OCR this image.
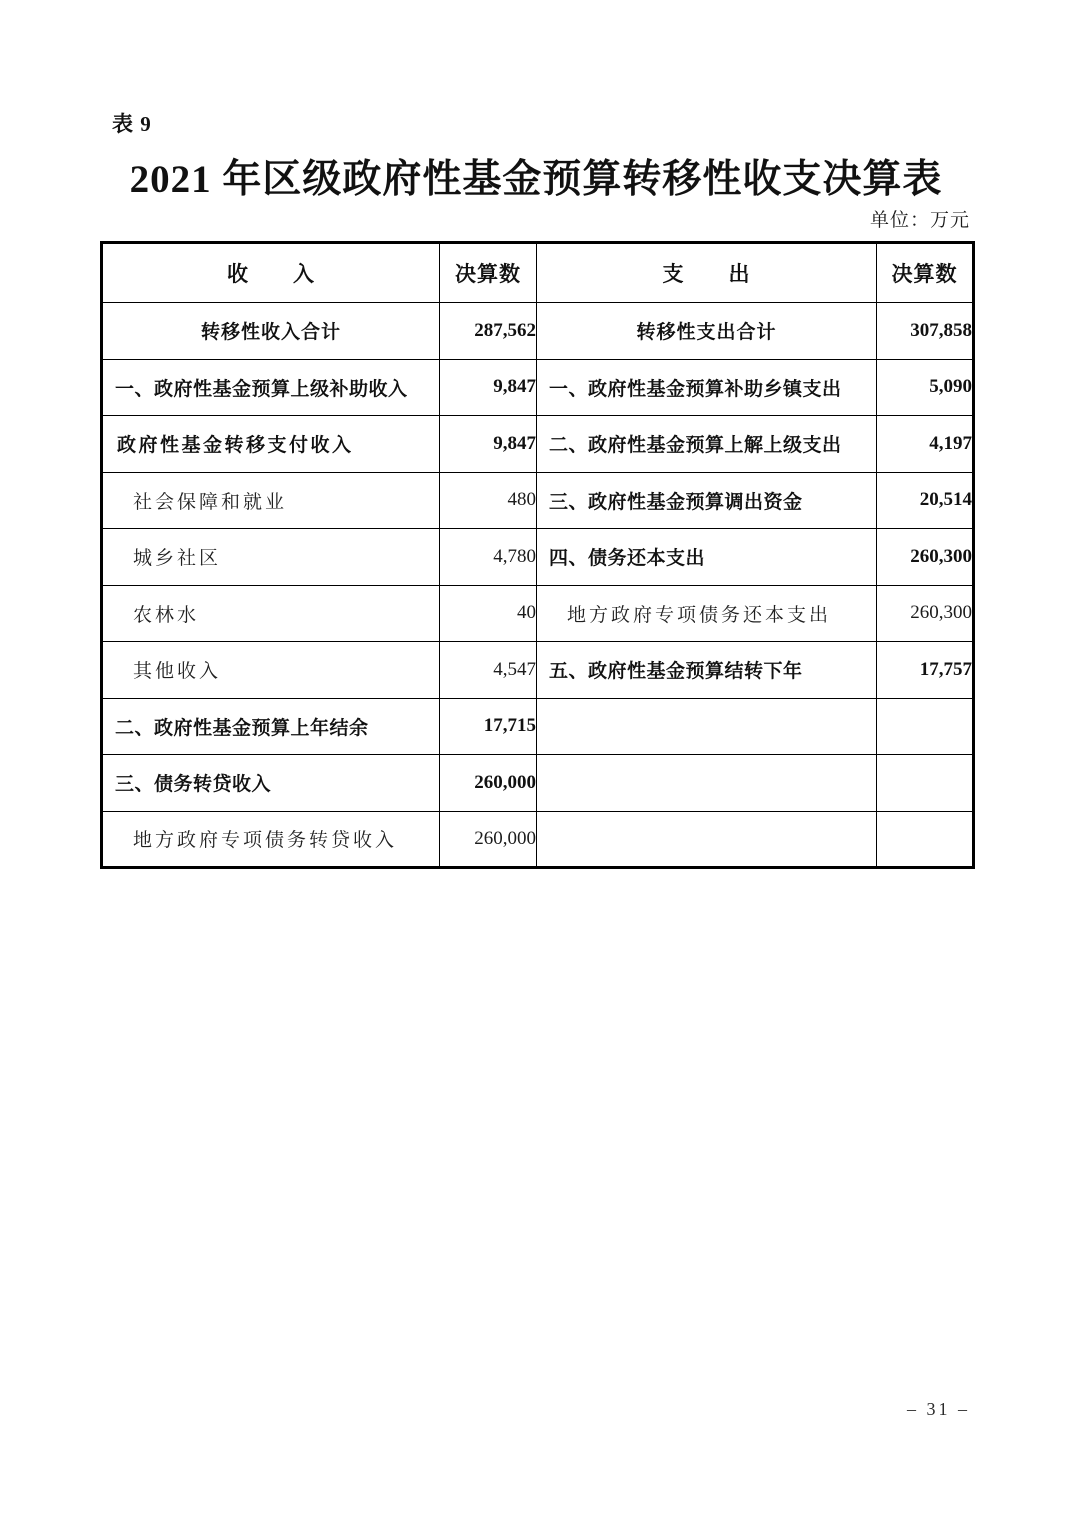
表 9
2021 年区级政府性基金预算转移性收支决算表
单位：万元
收　　入	决算数	支　　出	决算数
转移性收入合计	287,562	转移性支出合计	307,858
一、政府性基金预算上级补助收入	9,847	一、政府性基金预算补助乡镇支出	5,090
政府性基金转移支付收入	9,847	二、政府性基金预算上解上级支出	4,197
社会保障和就业	480	三、政府性基金预算调出资金	20,514
城乡社区	4,780	四、债务还本支出	260,300
农林水	40	地方政府专项债务还本支出	260,300
其他收入	4,547	五、政府性基金预算结转下年	17,757
二、政府性基金预算上年结余	17,715		
三、债务转贷收入	260,000		
地方政府专项债务转贷收入	260,000		
– 31 –
